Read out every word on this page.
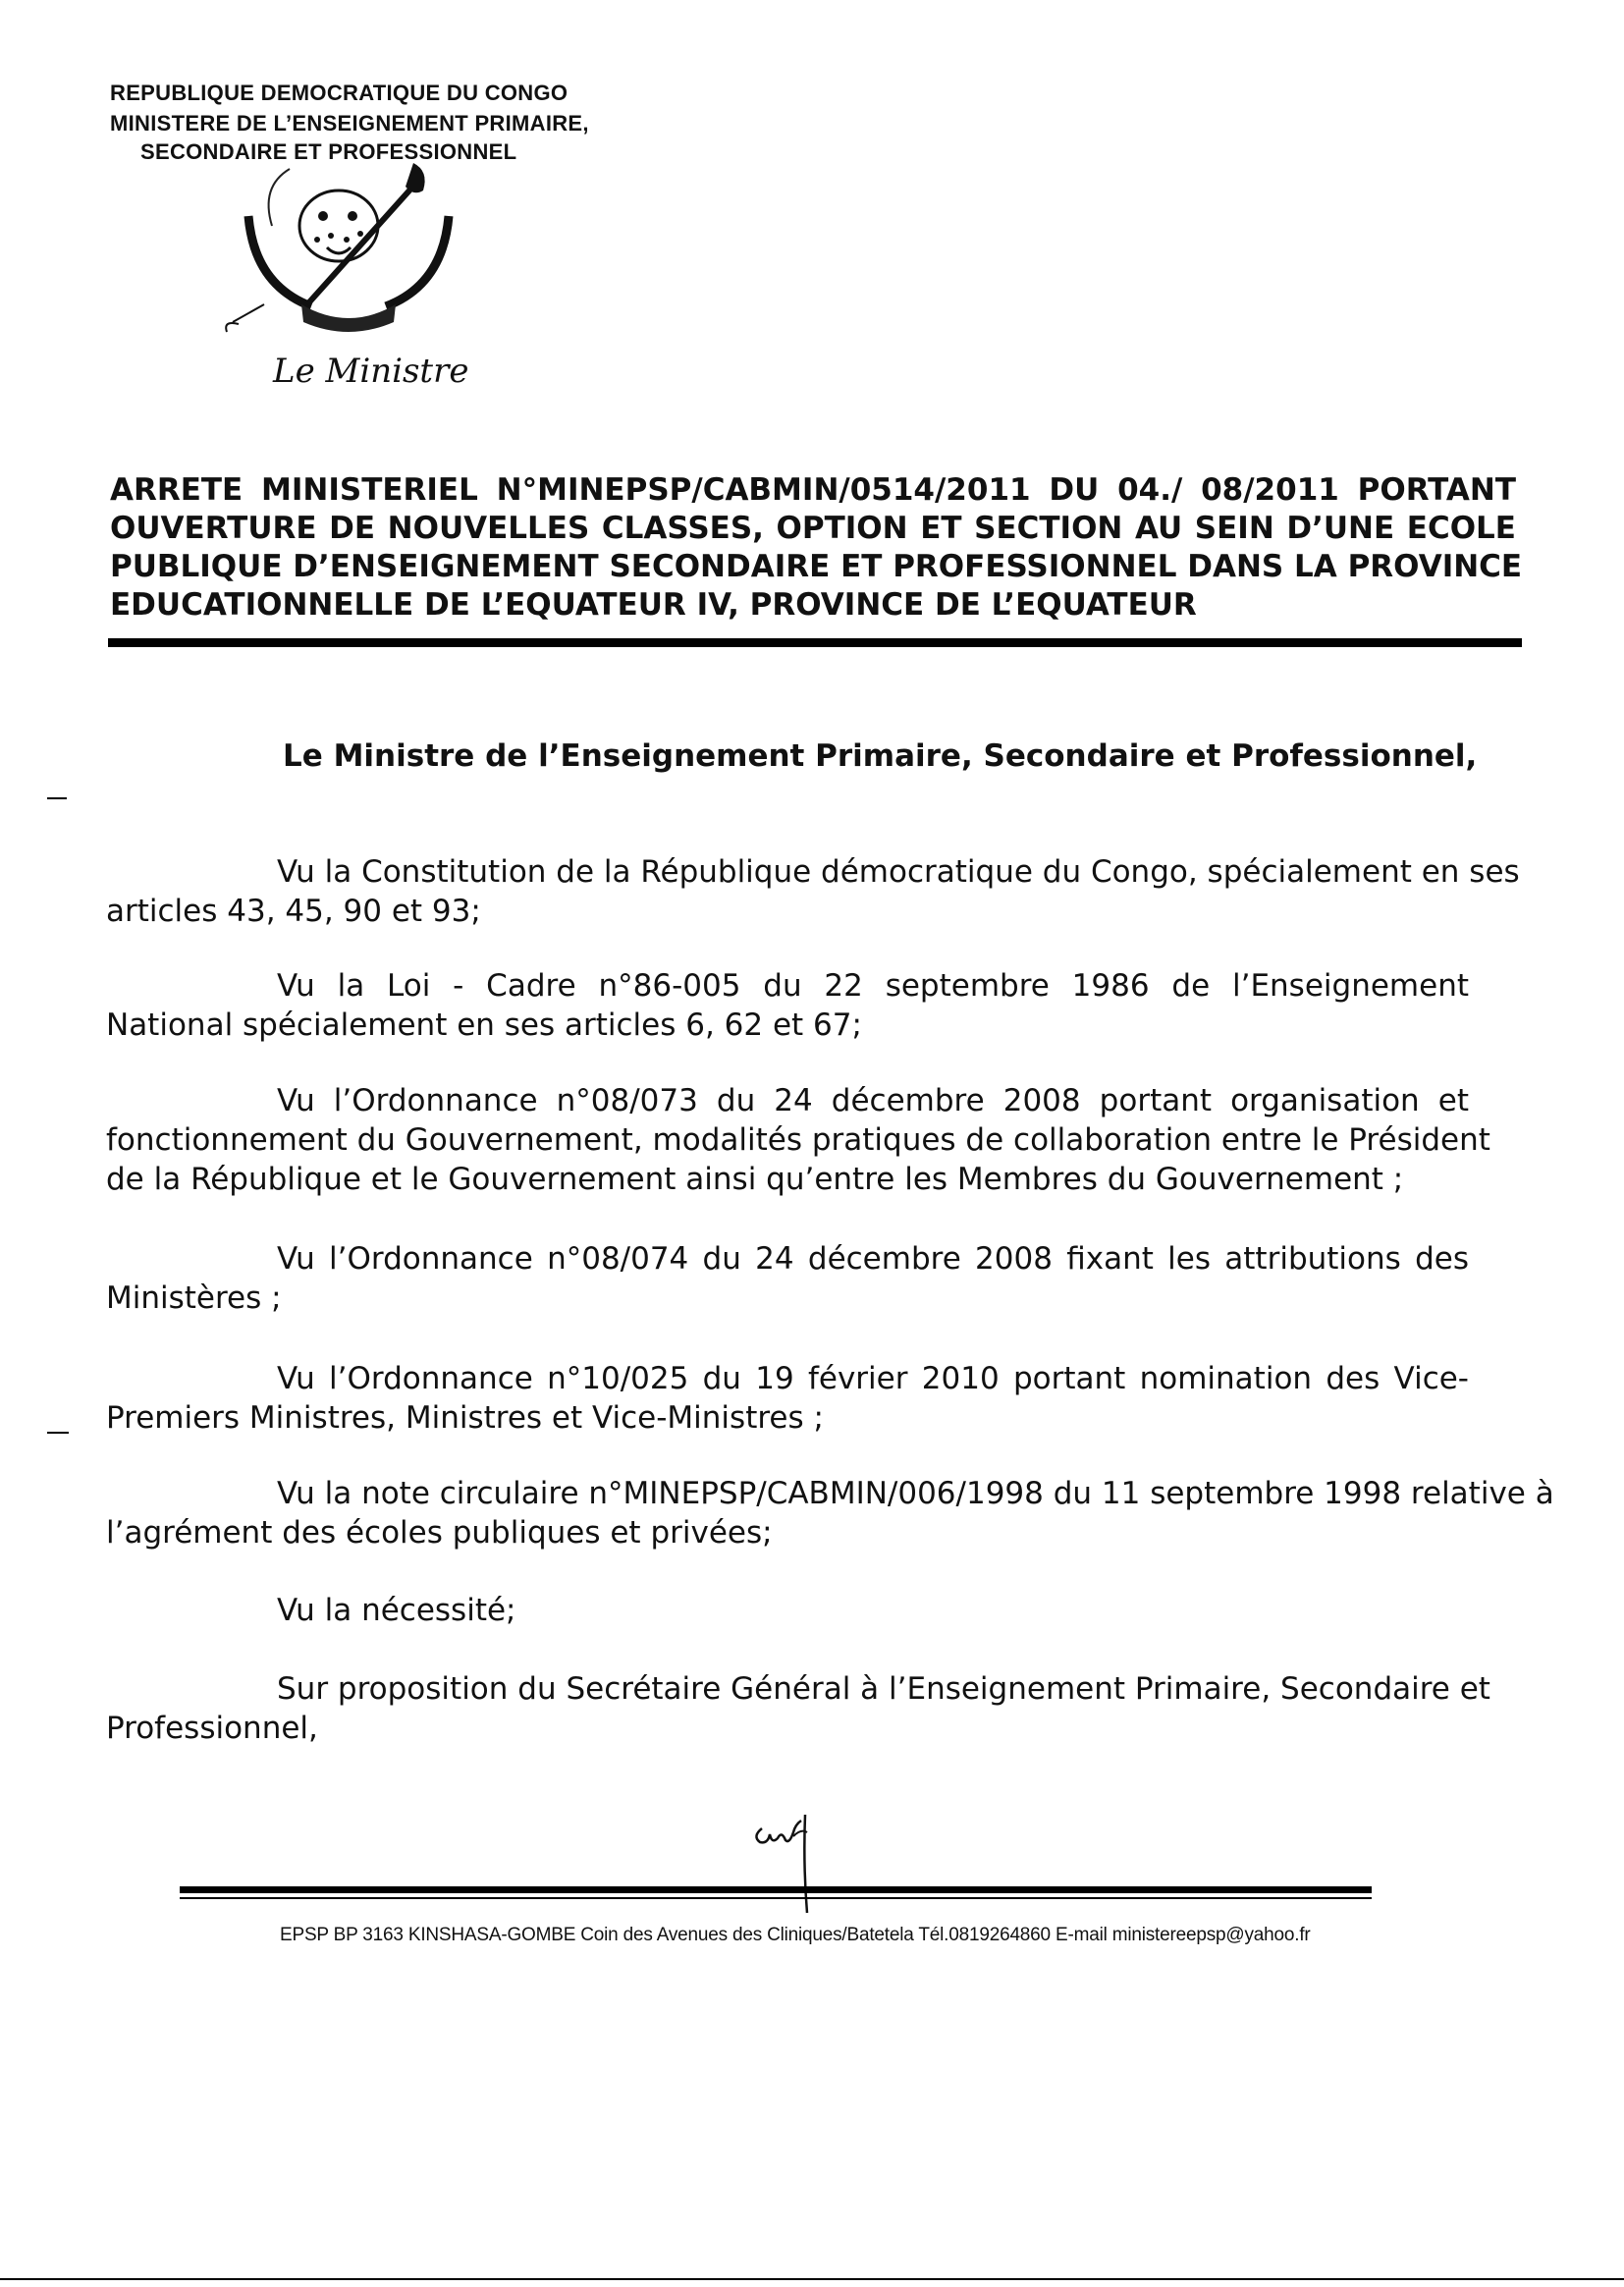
REPUBLIQUE DEMOCRATIQUE DU CONGO
MINISTERE DE L’ENSEIGNEMENT PRIMAIRE,
SECONDAIRE ET PROFESSIONNEL
Le Ministre
ARRETE MINISTERIEL N°MINEPSP/CABMIN/0514/2011 DU 04./ 08/2011 PORTANT
OUVERTURE DE NOUVELLES CLASSES, OPTION ET SECTION AU SEIN D’UNE ECOLE
PUBLIQUE D’ENSEIGNEMENT SECONDAIRE ET PROFESSIONNEL DANS LA PROVINCE
EDUCATIONNELLE DE L’EQUATEUR IV, PROVINCE DE L’EQUATEUR
Le Ministre de l’Enseignement Primaire, Secondaire et Professionnel,
Vu la Constitution de la République démocratique du Congo, spécialement en ses
articles 43, 45, 90 et 93;
Vu la Loi - Cadre n°86-005 du 22 septembre 1986 de l’Enseignement
National spécialement en ses articles 6, 62 et 67;
Vu l’Ordonnance n°08/073 du 24 décembre 2008 portant organisation et
fonctionnement du Gouvernement, modalités pratiques de collaboration entre le Président
de la République et le Gouvernement ainsi qu’entre les Membres du Gouvernement ;
Vu l’Ordonnance n°08/074 du 24 décembre 2008 fixant les attributions des
Ministères ;
Vu l’Ordonnance n°10/025 du 19 février 2010 portant nomination des Vice-
Premiers Ministres, Ministres et Vice-Ministres ;
Vu la note circulaire n°MINEPSP/CABMIN/006/1998 du 11 septembre 1998 relative à
l’agrément des écoles publiques et privées;
Vu la nécessité;
Sur proposition du Secrétaire Général à l’Enseignement Primaire, Secondaire et
Professionnel,
EPSP BP 3163 KINSHASA-GOMBE Coin des Avenues des Cliniques/Batetela Tél.0819264860 E-mail ministereepsp@yahoo.fr
